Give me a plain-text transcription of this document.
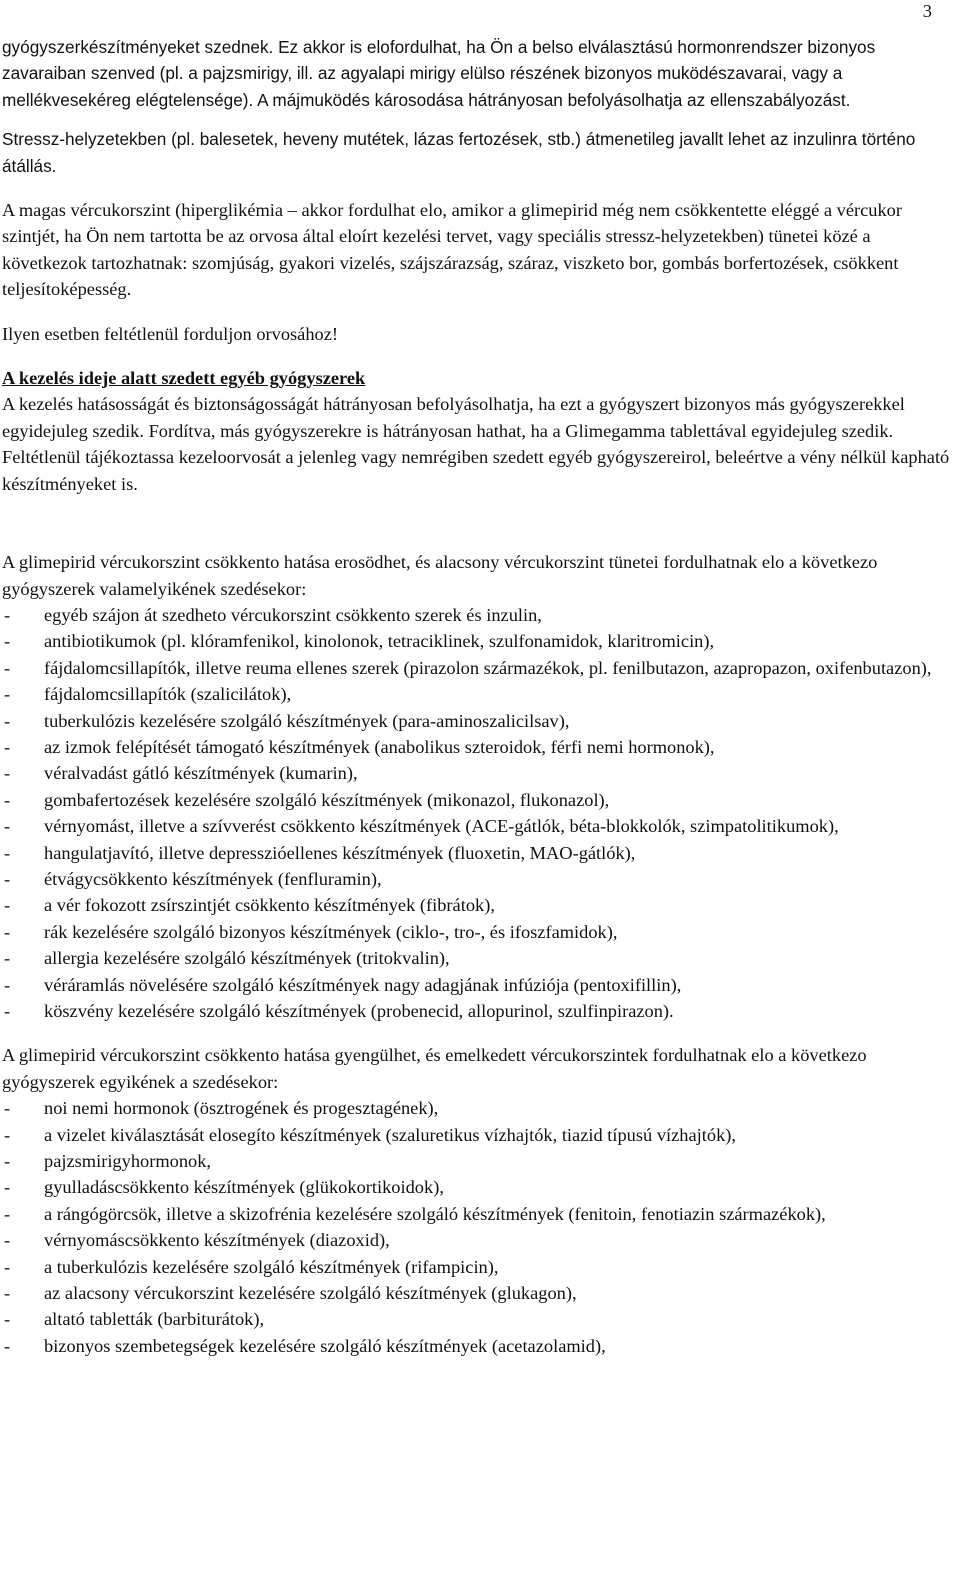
3

gyógyszerkészítményeket szednek. Ez akkor is elofordulhat, ha Ön a belso elválasztású hormonrendszer bizonyos zavaraiban szenved (pl. a pajzsmirigy, ill. az agyalapi mirigy elülso részének bizonyos muködészavarai, vagy a mellékvesekéreg elégtelensége). A májmuködés károsodása hátrányosan befolyásolhatja az ellenszabályozást.

Stressz-helyzetekben (pl. balesetek, heveny mutétek, lázas fertozések, stb.) átmenetileg javallt lehet az inzulinra történo átállás.

A magas vércukorszint (hiperglikémia – akkor fordulhat elo, amikor a glimepirid még nem csökkentette eléggé a vércukor szintjét, ha Ön nem tartotta be az orvosa által eloírt kezelési tervet, vagy speciális stressz-helyzetekben) tünetei közé a következok tartozhatnak: szomjúság, gyakori vizelés, szájszárazság, száraz, viszketo bor, gombás borfertozések, csökkent teljesítoképesség.

Ilyen esetben feltétlenül forduljon orvosához!

A kezelés ideje alatt szedett egyéb gyógyszerek

A kezelés hatásosságát és biztonságosságát hátrányosan befolyásolhatja, ha ezt a gyógyszert bizonyos más gyógyszerekkel egyidejuleg szedik. Fordítva, más gyógyszerekre is hátrányosan hathat, ha a Glimegamma tablettával egyidejuleg szedik. Feltétlenül tájékoztassa kezeloorvosát a jelenleg vagy nemrégiben szedett egyéb gyógyszereirol, beleértve a vény nélkül kapható készítményeket is.

A glimepirid vércukorszint csökkento hatása erosödhet, és alacsony vércukorszint tünetei fordulhatnak elo a következo gyógyszerek valamelyikének szedésekor:

- egyéb szájon át szedheto vércukorszint csökkento szerek és inzulin,
- antibiotikumok (pl. klóramfenikol, kinolonok, tetraciklinek, szulfonamidok, klaritromicin),
- fájdalomcsillapítók, illetve reuma ellenes szerek (pirazolon származékok, pl. fenilbutazon, azapropazon, oxifenbutazon),
- fájdalomcsillapítók (szalicilátok),
- tuberkulózis kezelésére szolgáló készítmények (para-aminoszalicilsav),
- az izmok felépítését támogató készítmények (anabolikus szteroidok, férfi nemi hormonok),
- véralvadást gátló készítmények (kumarin),
- gombafertozések kezelésére szolgáló készítmények (mikonazol, flukonazol),
- vérnyomást, illetve a szívverést csökkento készítmények (ACE-gátlók, béta-blokkolók, szimpatolitikumok),
- hangulatjavító, illetve depresszióellenes készítmények (fluoxetin, MAO-gátlók),
- étvágycsökkento készítmények (fenfluramin),
- a vér fokozott zsírszintjét csökkento készítmények (fibrátok),
- rák kezelésére szolgáló bizonyos készítmények (ciklo-, tro-, és ifoszfamidok),
- allergia kezelésére szolgáló készítmények (tritokvalin),
- véráramlás növelésére szolgáló készítmények nagy adagjának infúziója (pentoxifillin),
- köszvény kezelésére szolgáló készítmények (probenecid, allopurinol, szulfinpirazon).

A glimepirid vércukorszint csökkento hatása gyengülhet, és emelkedett vércukorszintek fordulhatnak elo a következo gyógyszerek egyikének a szedésekor:

- noi nemi hormonok (ösztrogének és progesztagének),
- a vizelet kiválasztását elosegíto készítmények (szaluretikus vízhajtók, tiazid típusú vízhajtók),
- pajzsmirigyhormonok,
- gyulladáscsökkento készítmények (glükokortikoidok),
- a rángógörcsök, illetve a skizofrénia kezelésére szolgáló készítmények (fenitoin, fenotiazin származékok),
- vérnyomáscsökkento készítmények (diazoxid),
- a tuberkulózis kezelésére szolgáló készítmények (rifampicin),
- az alacsony vércukorszint kezelésére szolgáló készítmények (glukagon),
- altató tabletták (barbiturátok),
- bizonyos szembetegségek kezelésére szolgáló készítmények (acetazolamid),
